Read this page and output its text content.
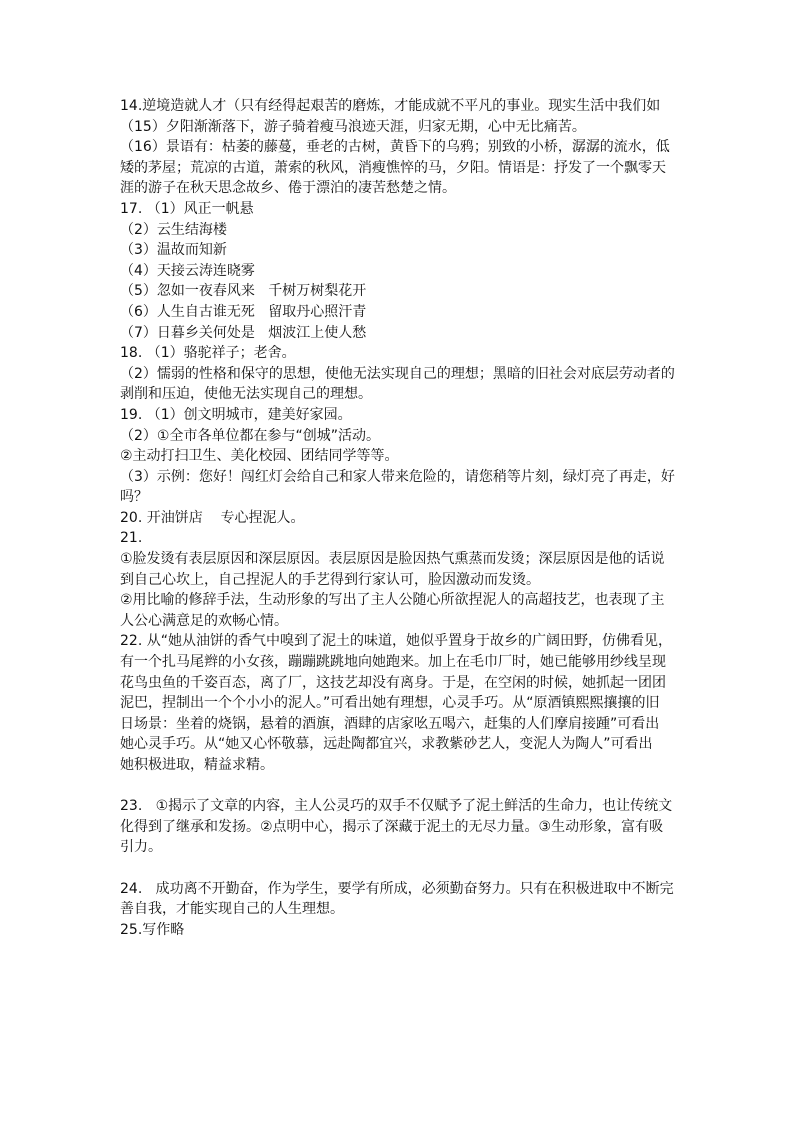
14.逆境造就人才（只有经得起艰苦的磨炼，才能成就不平凡的事业。现实生活中我们如
（15）夕阳渐渐落下，游子骑着瘦马浪迹天涯，归家无期，心中无比痛苦。
（16）景语有：枯萎的藤蔓，垂老的古树，黄昏下的乌鸦；别致的小桥，潺潺的流水，低
矮的茅屋；荒凉的古道，萧索的秋风，消瘦憔悴的马，夕阳。情语是：抒发了一个飘零天
涯的游子在秋天思念故乡、倦于漂泊的凄苦愁楚之情。
17. （1）风正一帆悬
（2）云生结海楼
（3）温故而知新
（4）天接云涛连晓雾
（5）忽如一夜春风来   千树万树梨花开
（6）人生自古谁无死   留取丹心照汗青
（7）日暮乡关何处是   烟波江上使人愁
18. （1）骆驼祥子；老舍。
（2）懦弱的性格和保守的思想，使他无法实现自己的理想；黑暗的旧社会对底层劳动者的
剥削和压迫，使他无法实现自己的理想。
19. （1）创文明城市，建美好家园。
（2）①全市各单位都在参与“创城”活动。
②主动打扫卫生、美化校园、团结同学等等。
（3）示例：您好！闯红灯会给自己和家人带来危险的，请您稍等片刻，绿灯亮了再走，好
吗？
20. 开油饼店    专心捏泥人。
21.
①脸发烫有表层原因和深层原因。表层原因是脸因热气熏蒸而发烫；深层原因是他的话说
到自己心坎上，自己捏泥人的手艺得到行家认可，脸因激动而发烫。
②用比喻的修辞手法，生动形象的写出了主人公随心所欲捏泥人的高超技艺，也表现了主
人公心满意足的欢畅心情。
22. 从“她从油饼的香气中嗅到了泥土的味道，她似乎置身于故乡的广阔田野，仿佛看见，
有一个扎马尾辫的小女孩，蹦蹦跳跳地向她跑来。加上在毛巾厂时，她已能够用纱线呈现
花鸟虫鱼的千姿百态，离了厂，这技艺却没有离身。于是，在空闲的时候，她抓起一团团
泥巴，捏制出一个个小小的泥人。”可看出她有理想，心灵手巧。从“原酒镇熙熙攘攘的旧
日场景：坐着的烧锅，悬着的酒旗，酒肆的店家吆五喝六，赶集的人们摩肩接踵”可看出
她心灵手巧。从“她又心怀敬慕，远赴陶都宜兴，求教紫砂艺人，变泥人为陶人”可看出
她积极进取，精益求精。
23.   ①揭示了文章的内容，主人公灵巧的双手不仅赋予了泥土鲜活的生命力，也让传统文
化得到了继承和发扬。②点明中心，揭示了深藏于泥土的无尽力量。③生动形象，富有吸
引力。
24.   成功离不开勤奋，作为学生，要学有所成，必须勤奋努力。只有在积极进取中不断完
善自我，才能实现自己的人生理想。
25.写作略
